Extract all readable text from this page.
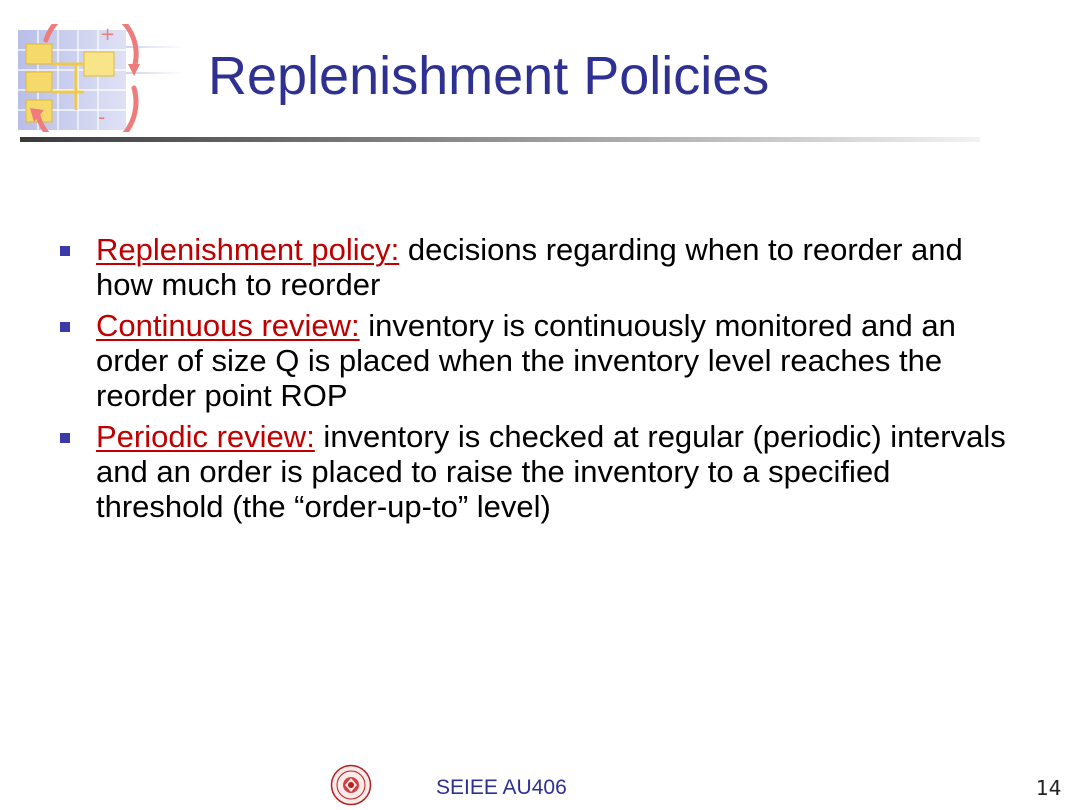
+
-
Replenishment Policies
Replenishment policy: decisions regarding when to reorder and how much to reorder
Continuous review: inventory is continuously monitored and an order of size Q is placed when the inventory level reaches the reorder point ROP
Periodic review: inventory is checked at regular (periodic) intervals and an order is placed to raise the inventory to a specified threshold (the “order-up-to” level)
SEIEE AU406	14
